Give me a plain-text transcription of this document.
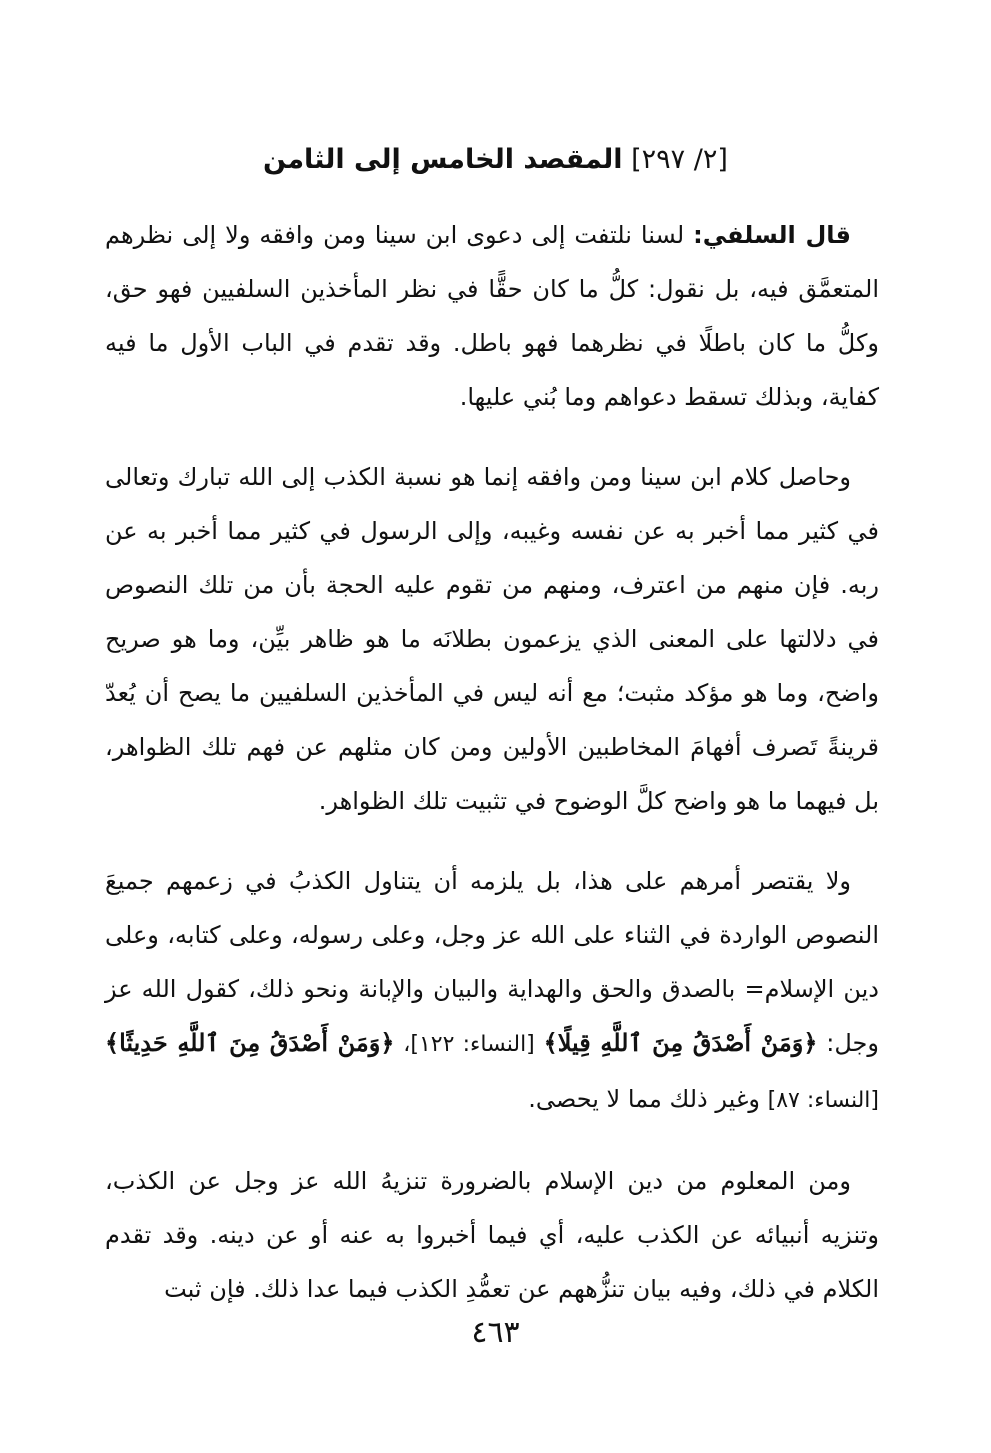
[٢/ ٢٩٧] المقصد الخامس إلى الثامن

قال السلفي: لسنا نلتفت إلى دعوى ابن سينا ومن وافقه ولا إلى نظرهم المتعمَّق فيه، بل نقول: كلُّ ما كان حقًّا في نظر المأخذين السلفيين فهو حق، وكلُّ ما كان باطلًا في نظرهما فهو باطل. وقد تقدم في الباب الأول ما فيه كفاية، وبذلك تسقط دعواهم وما بُني عليها.

وحاصل كلام ابن سينا ومن وافقه إنما هو نسبة الكذب إلى الله تبارك وتعالى في كثير مما أخبر به عن نفسه وغيبه، وإلى الرسول في كثير مما أخبر به عن ربه. فإن منهم من اعترف، ومنهم من تقوم عليه الحجة بأن من تلك النصوص في دلالتها على المعنى الذي يزعمون بطلانَه ما هو ظاهر بيِّن، وما هو صريح واضح، وما هو مؤكد مثبت؛ مع أنه ليس في المأخذين السلفيين ما يصح أن يُعدّ قرينةً تَصرف أفهامَ المخاطبين الأولين ومن كان مثلهم عن فهم تلك الظواهر، بل فيهما ما هو واضح كلَّ الوضوح في تثبيت تلك الظواهر.

ولا يقتصر أمرهم على هذا، بل يلزمه أن يتناول الكذبُ في زعمهم جميعَ النصوص الواردة في الثناء على الله عز وجل، وعلى رسوله، وعلى كتابه، وعلى دين الإسلام= بالصدق والحق والهداية والبيان والإبانة ونحو ذلك، كقول الله عز وجل: ﴿وَمَنْ أَصْدَقُ مِنَ ٱللَّهِ قِيلًا﴾ [النساء: ١٢٢]، ﴿وَمَنْ أَصْدَقُ مِنَ ٱللَّهِ حَدِيثًا﴾ [النساء: ٨٧] وغير ذلك مما لا يحصى.

ومن المعلوم من دين الإسلام بالضرورة تنزيهُ الله عز وجل عن الكذب، وتنزيه أنبيائه عن الكذب عليه، أي فيما أخبروا به عنه أو عن دينه. وقد تقدم الكلام في ذلك، وفيه بيان تنزُّههم عن تعمُّدِ الكذب فيما عدا ذلك. فإن ثبت

٤٦٣
